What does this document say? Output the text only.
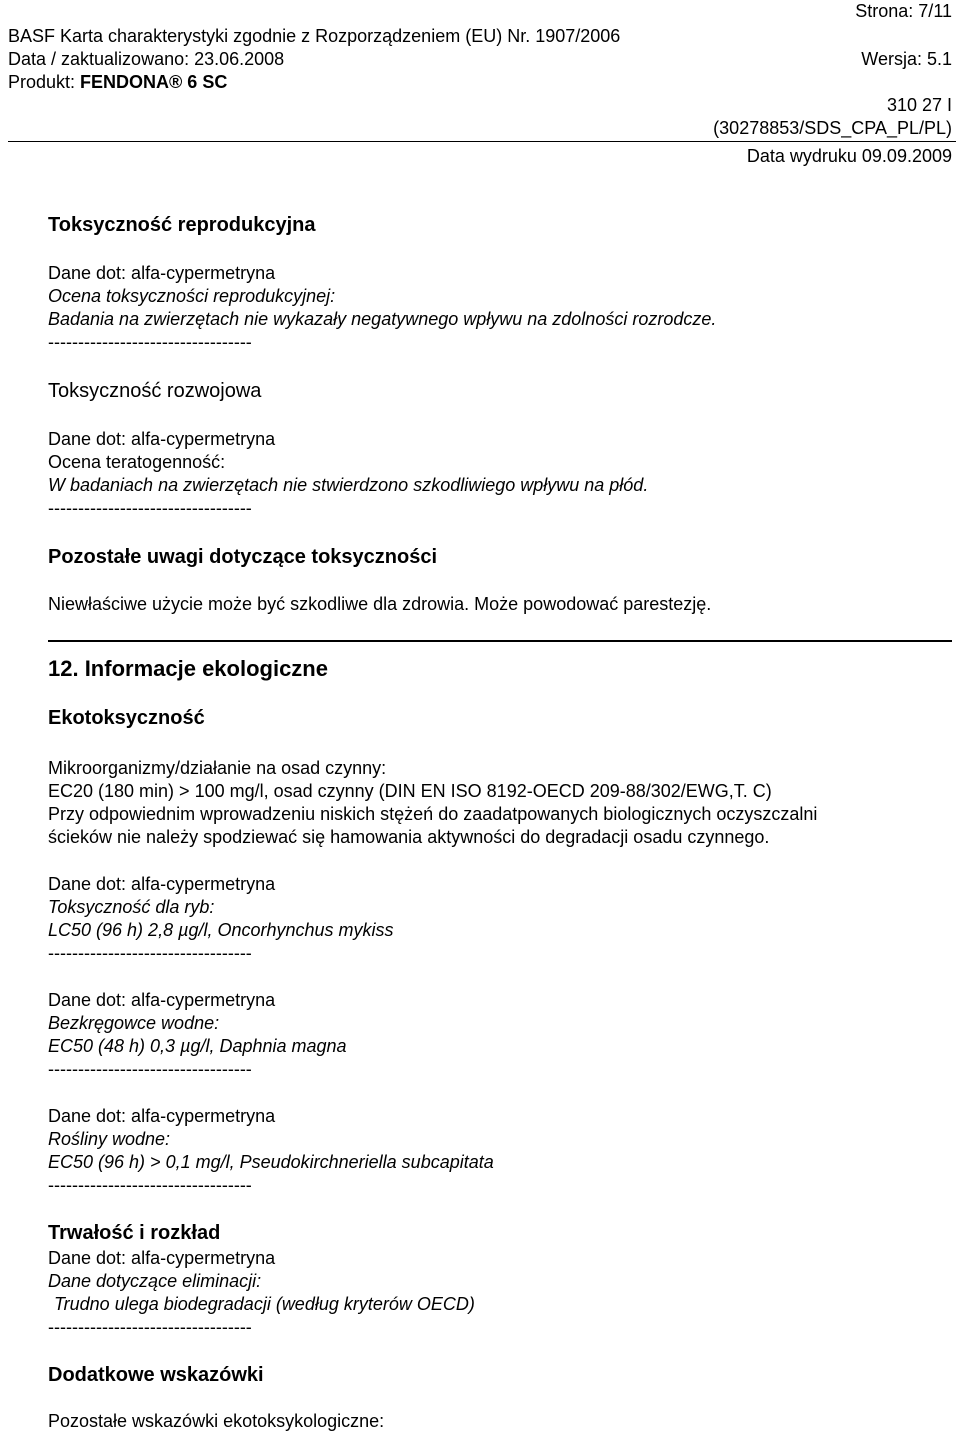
Strona: 7/11
BASF Karta charakterystyki zgodnie z Rozporządzeniem (EU) Nr. 1907/2006
Data / zaktualizowano: 23.06.2008	Wersja: 5.1
Produkt: FENDONA® 6 SC
310 27 I
(30278853/SDS_CPA_PL/PL)
Data wydruku 09.09.2009
Toksyczność reprodukcyjna
Dane dot: alfa-cypermetryna
Ocena toksyczności reprodukcyjnej:
Badania na zwierzętach nie wykazały negatywnego wpływu na zdolności rozrodcze.
----------------------------------
Toksyczność rozwojowa
Dane dot: alfa-cypermetryna
Ocena teratogenność:
W badaniach na zwierzętach nie stwierdzono szkodliwiego wpływu na płód.
----------------------------------
Pozostałe uwagi dotyczące toksyczności
Niewłaściwe użycie może być szkodliwe dla zdrowia. Może powodować parestezję.
12. Informacje ekologiczne
Ekotoksyczność
Mikroorganizmy/działanie na osad czynny:
EC20 (180 min) > 100 mg/l, osad czynny (DIN EN ISO 8192-OECD 209-88/302/EWG,T. C)
Przy odpowiednim wprowadzeniu niskich stężeń do zaadatpowanych biologicznych oczyszczalni
ścieków nie należy spodziewać się hamowania aktywności do degradacji osadu czynnego.
Dane dot: alfa-cypermetryna
Toksyczność dla ryb:
LC50 (96 h) 2,8 µg/l, Oncorhynchus mykiss
----------------------------------
Dane dot: alfa-cypermetryna
Bezkręgowce wodne:
EC50 (48 h) 0,3 µg/l, Daphnia magna
----------------------------------
Dane dot: alfa-cypermetryna
Rośliny wodne:
EC50 (96 h) > 0,1 mg/l, Pseudokirchneriella subcapitata
----------------------------------
Trwałość i rozkład
Dane dot: alfa-cypermetryna
Dane dotyczące eliminacji:
Trudno ulega biodegradacji (według kryterów OECD)
----------------------------------
Dodatkowe wskazówki
Pozostałe wskazówki ekotoksykologiczne:
